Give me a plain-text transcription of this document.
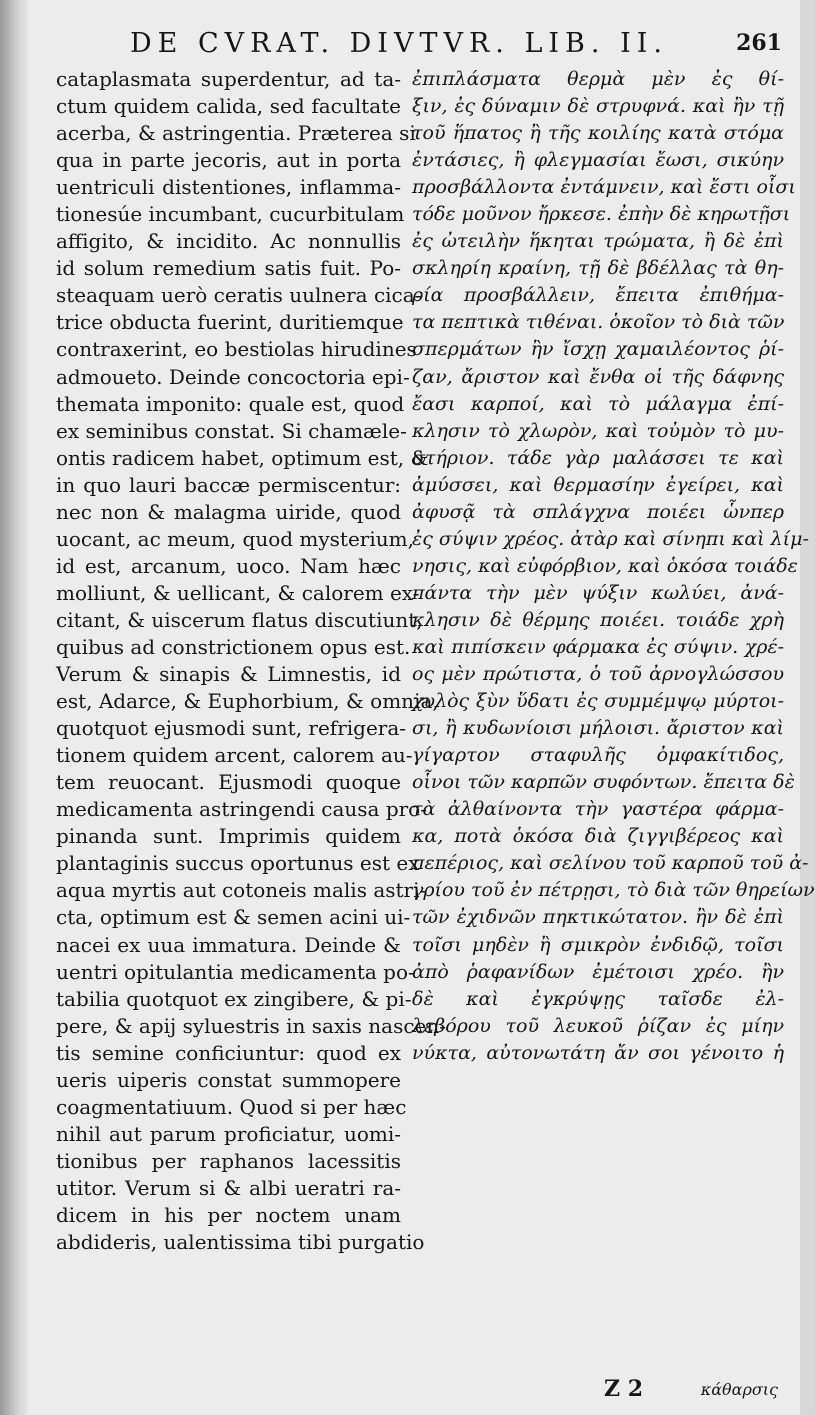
DE CVRAT. DIVTVR. LIB. II.	261
cataplasmata superdentur, ad ta-
ctum quidem calida, sed facultate
acerba, & astringentia. Præterea si
qua in parte jecoris, aut in porta
uentriculi distentiones, inflamma-
tionesúe incumbant, cucurbitulam
affigito, & incidito. Ac nonnullis
id solum remedium satis fuit. Po-
steaquam uerò ceratis uulnera cica-
trice obducta fuerint, duritiemque
contraxerint, eo bestiolas hirudines
admoueto. Deinde concoctoria epi-
themata imponito: quale est, quod
ex seminibus constat. Si chamæle-
ontis radicem habet, optimum est, &
in quo lauri baccæ permiscentur:
nec non & malagma uiride, quod
uocant, ac meum, quod mysterium,
id est, arcanum, uoco. Nam hæc
molliunt, & uellicant, & calorem ex-
citant, & uiscerum flatus discutiunt,
quibus ad constrictionem opus est.
Verum & sinapis & Limnestis, id
est, Adarce, & Euphorbium, & omnia,
quotquot ejusmodi sunt, refrigera-
tionem quidem arcent, calorem au-
tem reuocant. Ejusmodi quoque
medicamenta astringendi causa pro-
pinanda sunt. Imprimis quidem
plantaginis succus oportunus est ex
aqua myrtis aut cotoneis malis astri-
cta, optimum est & semen acini ui-
nacei ex uua immatura. Deinde &
uentri opitulantia medicamenta po-
tabilia quotquot ex zingibere, & pi-
pere, & apij syluestris in saxis nascen-
tis semine conficiuntur: quod ex
ueris uiperis constat summopere
coagmentatiuum. Quod si per hæc
nihil aut parum proficiatur, uomi-
tionibus per raphanos lacessitis
utitor. Verum si & albi ueratri ra-
dicem in his per noctem unam
abdideris, ualentissima tibi purgatio
ἐπιπλάσματα θερμὰ μὲν ἐς θί-
ξιν, ἐς δύναμιν δὲ στρυφνά. καὶ ἢν τῇ
τοῦ ἥπατος ἢ τῆς κοιλίης κατὰ στόμα
ἐντάσιες, ἢ φλεγμασίαι ἔωσι, σικύην
προσβάλλοντα ἐντάμνειν, καὶ ἔστι οἷσι
τόδε μοῦνον ἤρκεσε. ἐπὴν δὲ κηρωτῇσι
ἐς ὠτειλὴν ἥκηται τρώματα, ἢ δὲ ἐπὶ
σκληρίη κραίνη, τῇ δὲ βδέλλας τὰ θη-
ρία προσβάλλειν, ἔπειτα ἐπιθήμα-
τα πεπτικὰ τιθέναι. ὁκοῖον τὸ διὰ τῶν
σπερμάτων ἢν ἴσχῃ χαμαιλέοντος ῥί-
ζαν, ἄριστον καὶ ἔνθα οἱ τῆς δάφνης
ἔασι καρποί, καὶ τὸ μάλαγμα ἐπί-
κλησιν τὸ χλωρὸν, καὶ τοὐμὸν τὸ μυ-
στήριον. τάδε γὰρ μαλάσσει τε καὶ
ἀμύσσει, καὶ θερμασίην ἐγείρει, καὶ
ἀφυσᾷ τὰ σπλάγχνα ποιέει ὧνπερ
ἐς σύψιν χρέος. ἀτὰρ καὶ σίνηπι καὶ λίμ-
νησις, καὶ εὐφόρβιον, καὶ ὁκόσα τοιάδε
πάντα τὴν μὲν ψύξιν κωλύει, ἀνά-
κλησιν δὲ θέρμης ποιέει. τοιάδε χρὴ
καὶ πιπίσκειν φάρμακα ἐς σύψιν. χρέ-
ος μὲν πρώτιστα, ὁ τοῦ ἀρνογλώσσου
χυλὸς ξὺν ὕδατι ἐς συμμέμψῳ μύρτοι-
σι, ἢ κυδωνίοισι μήλοισι. ἄριστον καὶ
γίγαρτον σταφυλῆς ὀμφακίτιδος,
οἷνοι τῶν καρπῶν συφόντων. ἔπειτα δὲ
τὰ ἀλθαίνοντα τὴν γαστέρα φάρμα-
κα, ποτὰ ὁκόσα διὰ ζιγγιβέρεος καὶ
πεπέριος, καὶ σελίνου τοῦ καρποῦ τοῦ ἀ-
γρίου τοῦ ἐν πέτρῃσι, τὸ διὰ τῶν θηρείων
τῶν ἐχιδνῶν πηκτικώτατον. ἢν δὲ ἐπὶ
τοῖσι μηδὲν ἢ σμικρὸν ἐνδιδῷ, τοῖσι
ἀπὸ ῥαφανίδων ἐμέτοισι χρέο. ἢν
δὲ καὶ ἐγκρύψῃς ταῖσδε ἐλ-
λεβόρου τοῦ λευκοῦ ῥίζαν ἐς μίην
νύκτα, αὐτονωτάτη ἄν σοι γένοιτο ἡ
Z 2	κάθαρσις
